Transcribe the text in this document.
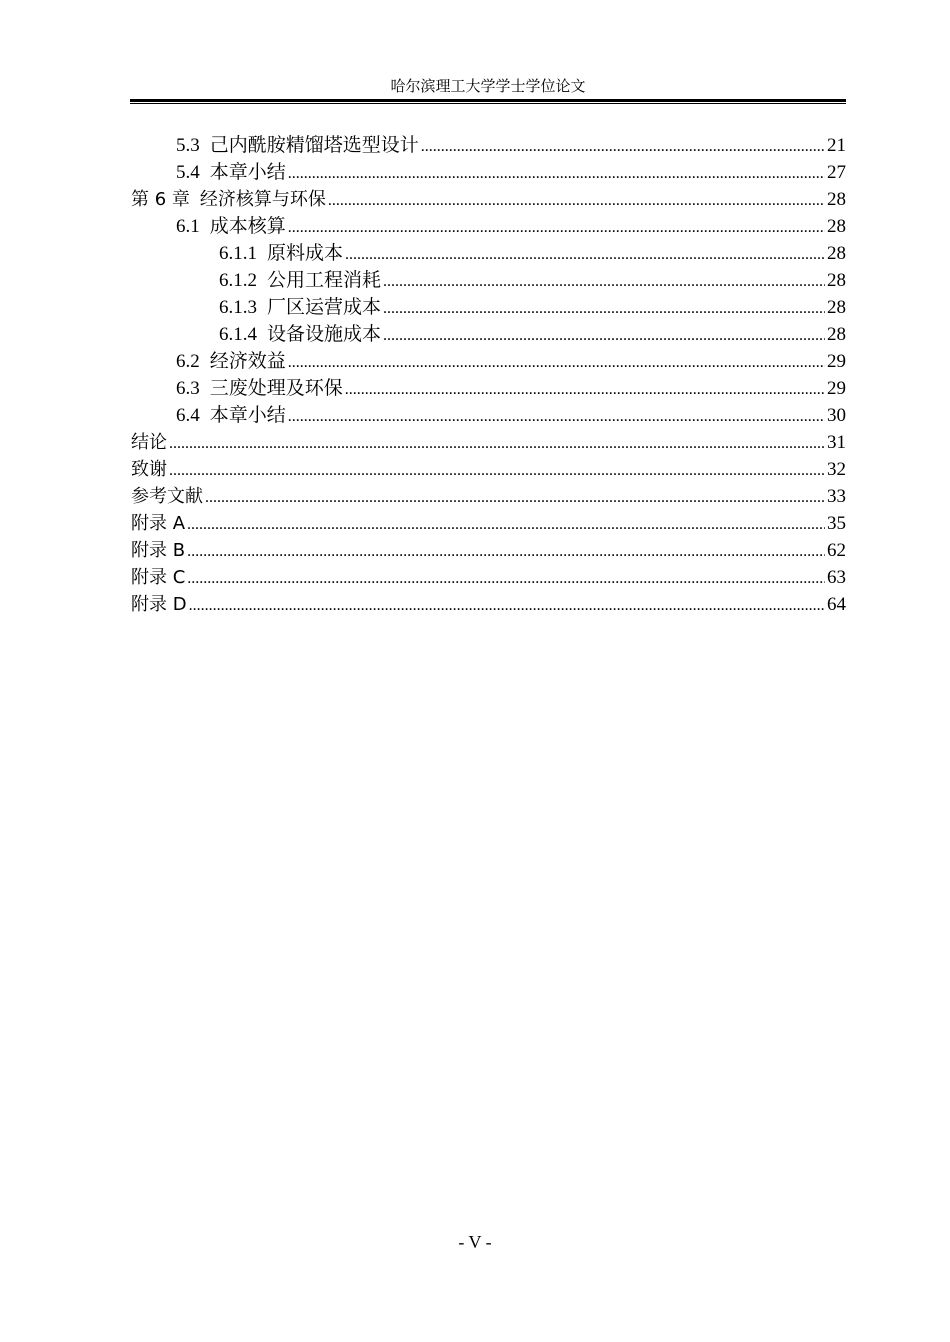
哈尔滨理工大学学士学位论文
5.3 己内酰胺精馏塔选型设计 .....	21
5.4 本章小结 .....	27
第 6 章 经济核算与环保 .....	28
6.1 成本核算 .....	28
6.1.1 原料成本 .....	28
6.1.2 公用工程消耗 .....	28
6.1.3 厂区运营成本 .....	28
6.1.4 设备设施成本 .....	28
6.2 经济效益 .....	29
6.3 三废处理及环保 .....	29
6.4 本章小结 .....	30
结论 .....	31
致谢 .....	32
参考文献 .....	33
附录 A .....	35
附录 B .....	62
附录 C .....	63
附录 D .....	64
- V -
